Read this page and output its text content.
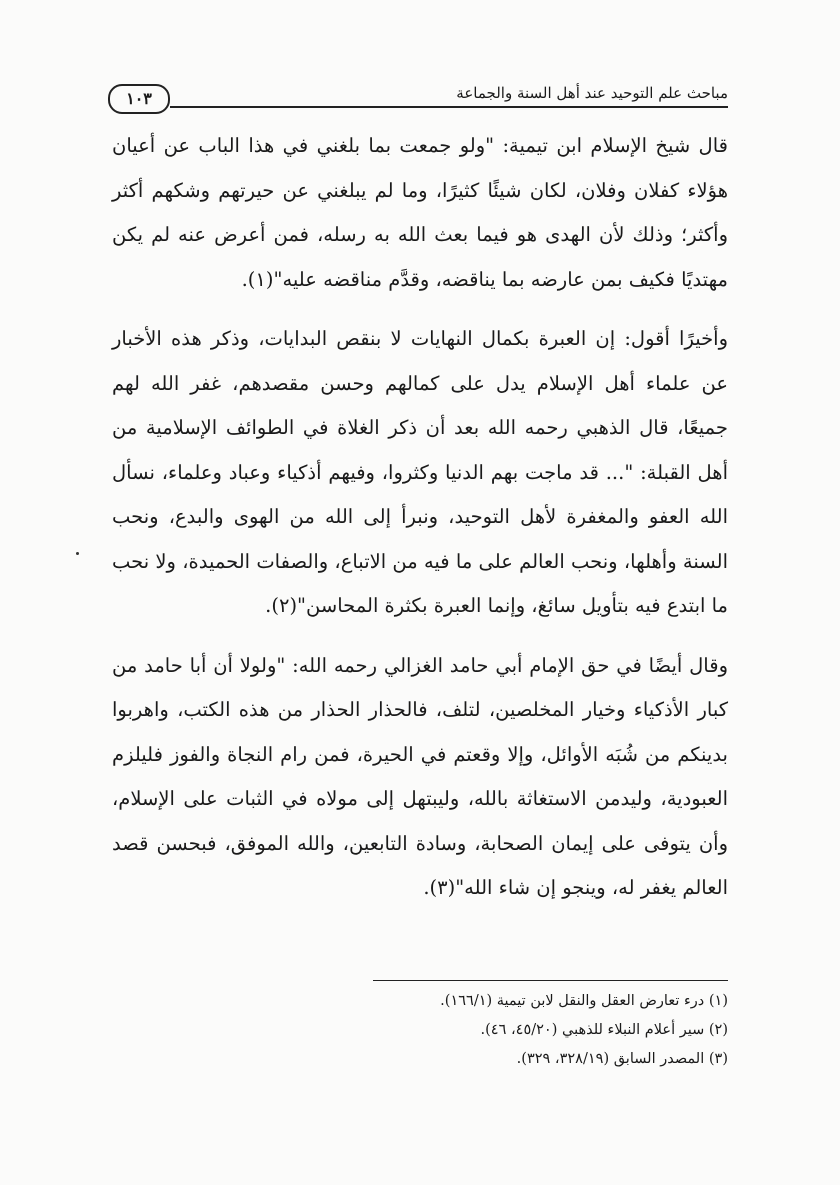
مباحث علم التوحيد عند أهل السنة والجماعة
١٠٣

قال شيخ الإسلام ابن تيمية: "ولو جمعت بما بلغني في هذا الباب عن أعيان هؤلاء كفلان وفلان، لكان شيئًا كثيرًا، وما لم يبلغني عن حيرتهم وشكهم أكثر وأكثر؛ وذلك لأن الهدى هو فيما بعث الله به رسله، فمن أعرض عنه لم يكن مهتديًا فكيف بمن عارضه بما يناقضه، وقدَّم مناقضه عليه"(١).

وأخيرًا أقول: إن العبرة بكمال النهايات لا بنقص البدايات، وذكر هذه الأخبار عن علماء أهل الإسلام يدل على كمالهم وحسن مقصدهم، غفر الله لهم جميعًا، قال الذهبي رحمه الله بعد أن ذكر الغلاة في الطوائف الإسلامية من أهل القبلة: "... قد ماجت بهم الدنيا وكثروا، وفيهم أذكياء وعباد وعلماء، نسأل الله العفو والمغفرة لأهل التوحيد، ونبرأ إلى الله من الهوى والبدع، ونحب السنة وأهلها، ونحب العالم على ما فيه من الاتباع، والصفات الحميدة، ولا نحب ما ابتدع فيه بتأويل سائغ، وإنما العبرة بكثرة المحاسن"(٢).

وقال أيضًا في حق الإمام أبي حامد الغزالي رحمه الله: "ولولا أن أبا حامد من كبار الأذكياء وخيار المخلصين، لتلف، فالحذار الحذار من هذه الكتب، واهربوا بدينكم من شُبَه الأوائل، وإلا وقعتم في الحيرة، فمن رام النجاة والفوز فليلزم العبودية، وليدمن الاستغاثة بالله، وليبتهل إلى مولاه في الثبات على الإسلام، وأن يتوفى على إيمان الصحابة، وسادة التابعين، والله الموفق، فبحسن قصد العالم يغفر له، وينجو إن شاء الله"(٣).

(١) درء تعارض العقل والنقل لابن تيمية (١٦٦/١).
(٢) سير أعلام النبلاء للذهبي (٤٥/٢٠، ٤٦).
(٣) المصدر السابق (٣٢٨/١٩، ٣٢٩).
